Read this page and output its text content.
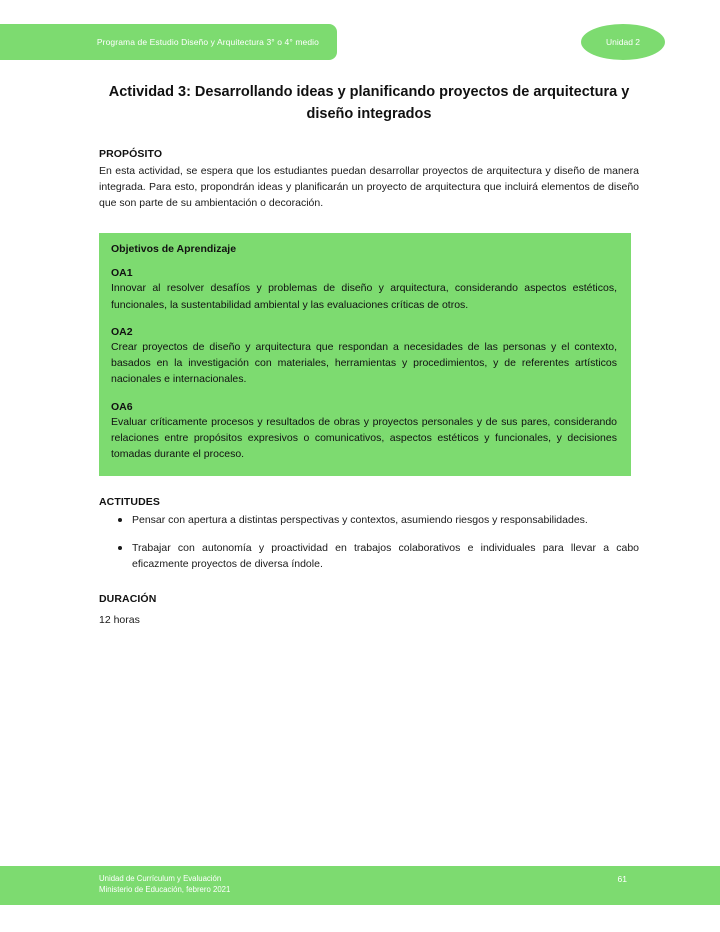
Programa de Estudio Diseño y Arquitectura 3° o 4° medio	Unidad 2
Actividad 3: Desarrollando ideas y planificando proyectos de arquitectura y diseño integrados
PROPÓSITO

En esta actividad, se espera que los estudiantes puedan desarrollar proyectos de arquitectura y diseño de manera integrada. Para esto, propondrán ideas y planificarán un proyecto de arquitectura que incluirá elementos de diseño que son parte de su ambientación o decoración.

Objetivos de Aprendizaje
OA1

Innovar al resolver desafíos y problemas de diseño y arquitectura, considerando aspectos estéticos, funcionales, la sustentabilidad ambiental y las evaluaciones críticas de otros.

OA2

Crear proyectos de diseño y arquitectura que respondan a necesidades de las personas y el contexto, basados en la investigación con materiales, herramientas y procedimientos, y de referentes artísticos nacionales e internacionales.

OA6

Evaluar críticamente procesos y resultados de obras y proyectos personales y de sus pares, considerando relaciones entre propósitos expresivos o comunicativos, aspectos estéticos y funcionales, y decisiones tomadas durante el proceso.

ACTITUDES
Pensar con apertura a distintas perspectivas y contextos, asumiendo riesgos y responsabilidades.
Trabajar con autonomía y proactividad en trabajos colaborativos e individuales para llevar a cabo eficazmente proyectos de diversa índole.
DURACIÓN

12 horas

Unidad de Currículum y Evaluación
Ministerio de Educación, febrero 2021
61
